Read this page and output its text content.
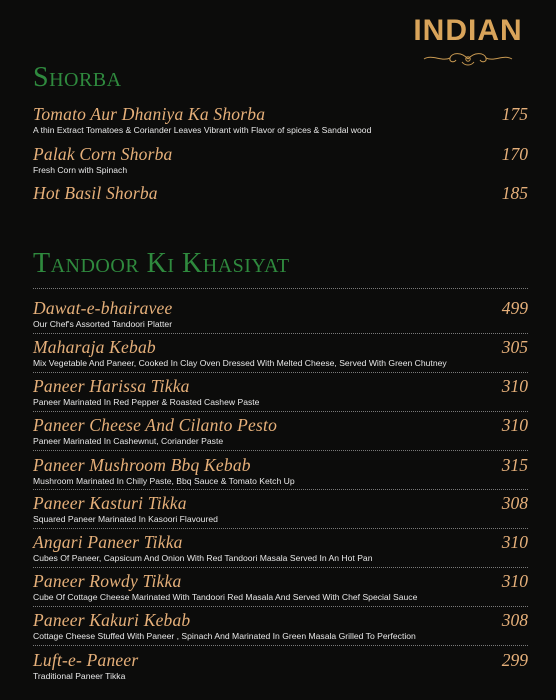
INDIAN
Shorba
Tomato Aur Dhaniya Ka Shorba	175
A thin Extract Tomatoes & Coriander Leaves Vibrant with Flavor of spices & Sandal wood
Palak Corn Shorba	170
Fresh Corn with Spinach
Hot Basil Shorba	185
Tandoor Ki Khasiyat
Dawat-e-bhairavee	499
Our Chef's Assorted Tandoori Platter
Maharaja Kebab	305
Mix Vegetable And Paneer, Cooked In Clay Oven Dressed With Melted Cheese, Served With Green Chutney
Paneer Harissa Tikka	310
Paneer Marinated In Red Pepper & Roasted Cashew Paste
Paneer Cheese And Cilanto Pesto	310
Paneer Marinated In Cashewnut, Coriander Paste
Paneer Mushroom Bbq Kebab	315
Mushroom Marinated In Chilly Paste, Bbq Sauce & Tomato Ketch Up
Paneer Kasturi Tikka	308
Squared Paneer Marinated In Kasoori Flavoured
Angari Paneer Tikka	310
Cubes Of Paneer, Capsicum And Onion With Red Tandoori Masala Served In An Hot Pan
Paneer Rowdy Tikka	310
Cube Of Cottage Cheese Marinated With Tandoori Red Masala And Served With Chef Special Sauce
Paneer Kakuri Kebab	308
Cottage Cheese Stuffed With Paneer , Spinach And Marinated In Green Masala Grilled To Perfection
Luft-e- Paneer	299
Traditional Paneer Tikka
